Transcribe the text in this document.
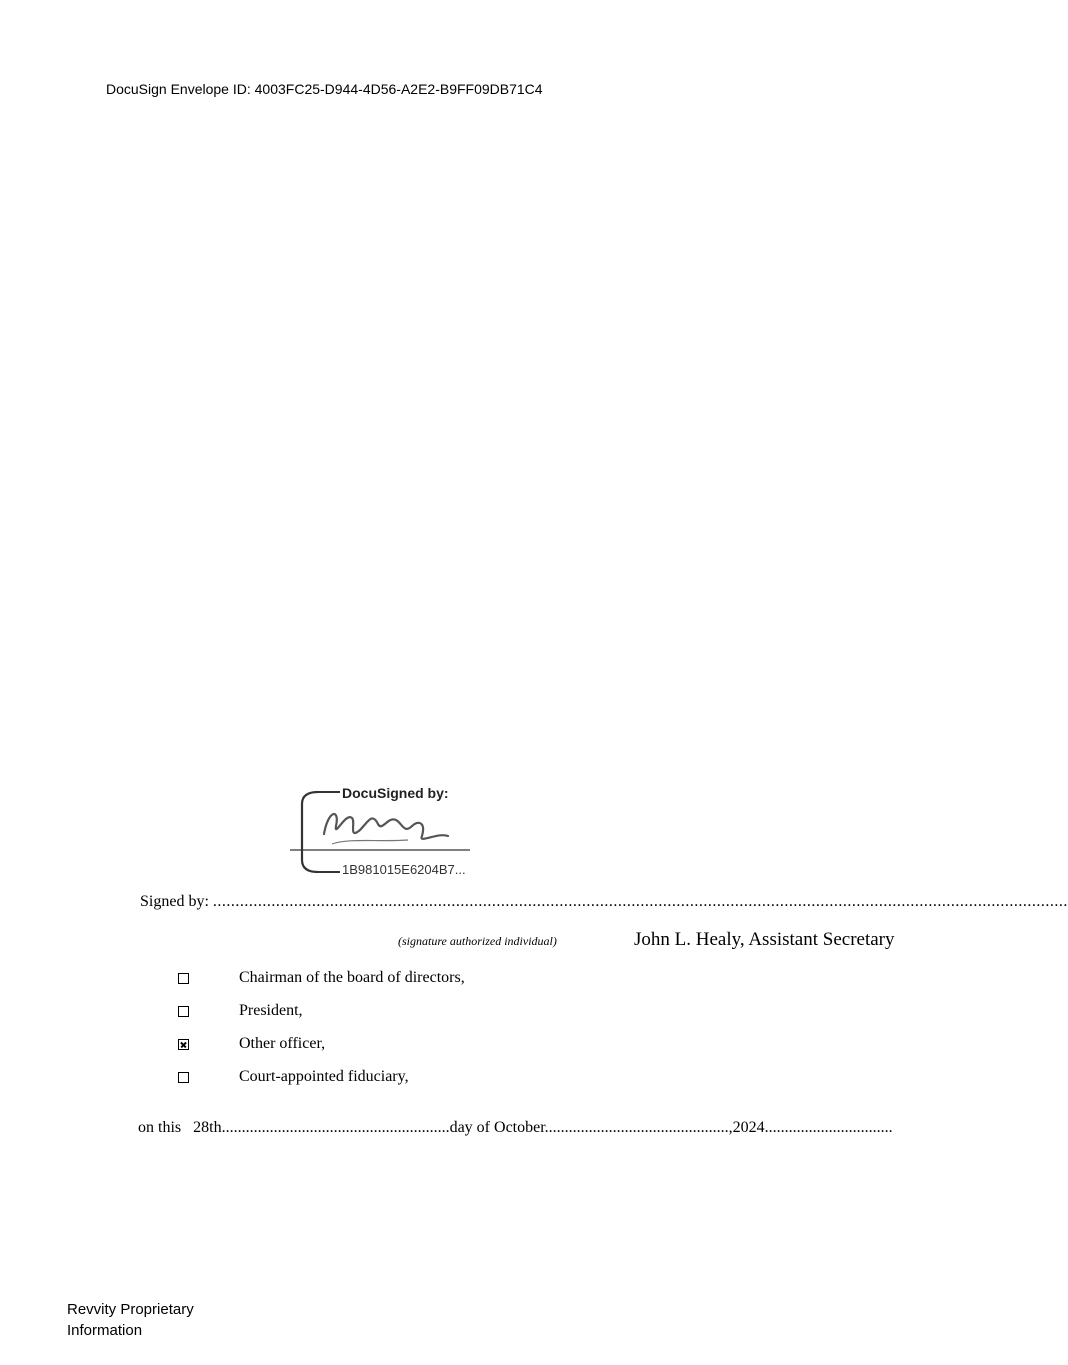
DocuSign Envelope ID: 4003FC25-D944-4D56-A2E2-B9FF09DB71C4
DocuSigned by:
1B981015E6204B7...
Signed by:
..............................................................................................................................................................................................
(signature authorized individual)	John L. Healy, Assistant Secretary
Chairman of the board of directors,
President,
Other officer,
Court-appointed fiduciary,
on this 28th......................................................... day of October.............................................. ,2024................................
Revvity Proprietary
Information
